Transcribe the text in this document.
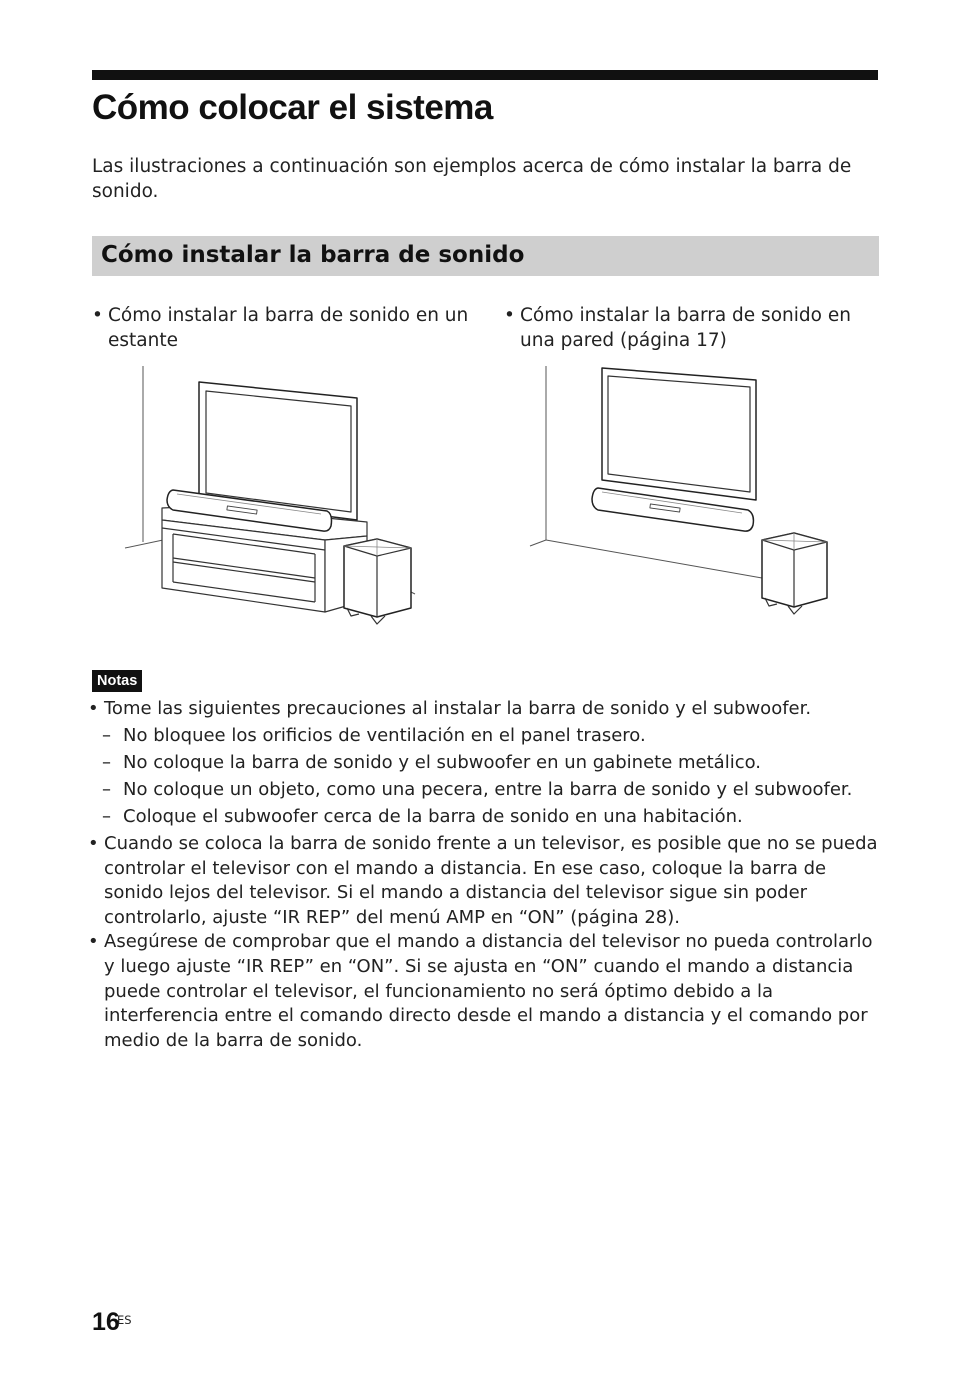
Cómo colocar el sistema

Las ilustraciones a continuación son ejemplos acerca de cómo instalar la barra de sonido.

Cómo instalar la barra de sonido
• Cómo instalar la barra de sonido en un estante
• Cómo instalar la barra de sonido en una pared (página 17)
Notas
• Tome las siguientes precauciones al instalar la barra de sonido y el subwoofer.
– No bloquee los orificios de ventilación en el panel trasero.
– No coloque la barra de sonido y el subwoofer en un gabinete metálico.
– No coloque un objeto, como una pecera, entre la barra de sonido y el subwoofer.
– Coloque el subwoofer cerca de la barra de sonido en una habitación.
• Cuando se coloca la barra de sonido frente a un televisor, es posible que no se pueda controlar el televisor con el mando a distancia. En ese caso, coloque la barra de sonido lejos del televisor. Si el mando a distancia del televisor sigue sin poder controlarlo, ajuste “IR REP” del menú AMP en “ON” (página 28).
• Asegúrese de comprobar que el mando a distancia del televisor no pueda controlarlo y luego ajuste “IR REP” en “ON”. Si se ajusta en “ON” cuando el mando a distancia puede controlar el televisor, el funcionamiento no será óptimo debido a la interferencia entre el comando directo desde el mando a distancia y el comando por medio de la barra de sonido.
16
ES
